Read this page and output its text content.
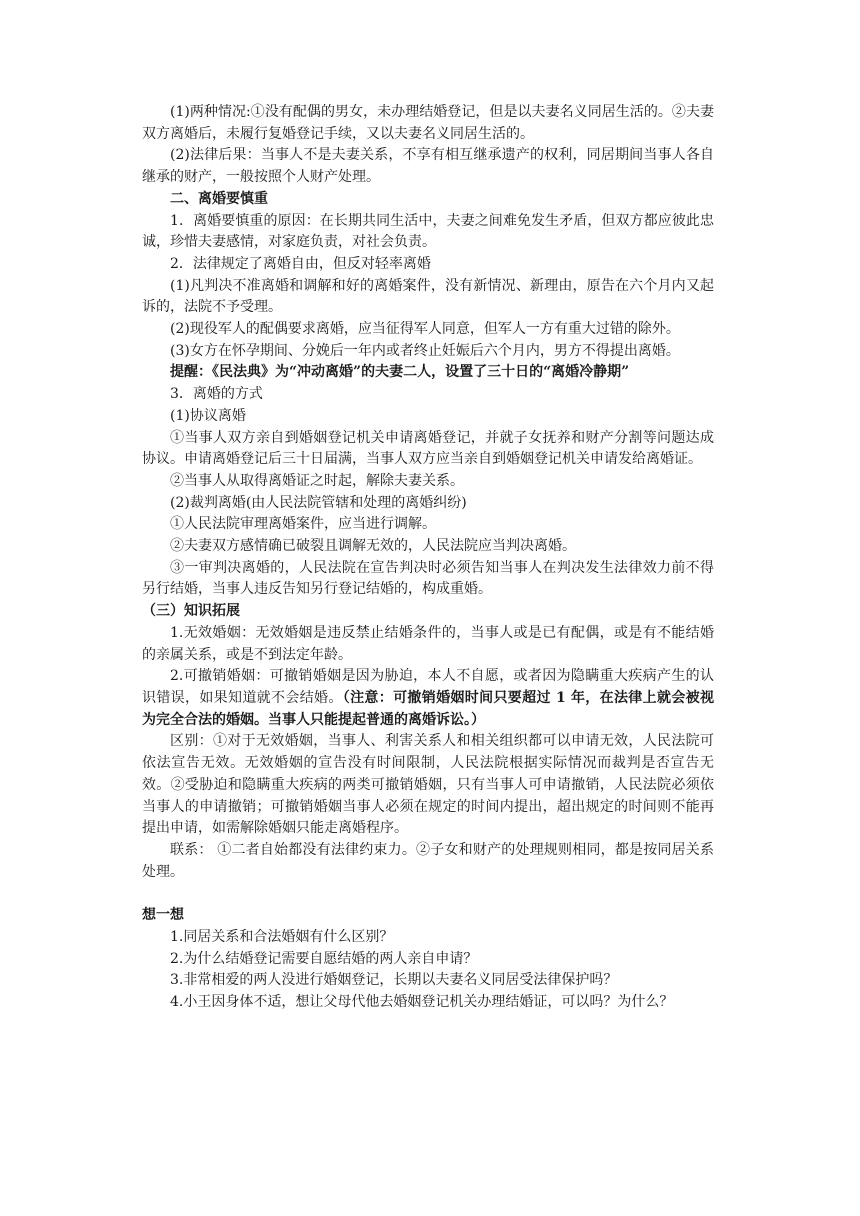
(1)两种情况:①没有配偶的男女，未办理结婚登记，但是以夫妻名义同居生活的。②夫妻双方离婚后，未履行复婚登记手续，又以夫妻名义同居生活的。

(2)法律后果：当事人不是夫妻关系，不享有相互继承遗产的权利，同居期间当事人各自继承的财产，一般按照个人财产处理。

二、离婚要慎重

1．离婚要慎重的原因：在长期共同生活中，夫妻之间难免发生矛盾，但双方都应彼此忠诚，珍惜夫妻感情，对家庭负责，对社会负责。

2．法律规定了离婚自由，但反对轻率离婚

(1)凡判决不准离婚和调解和好的离婚案件，没有新情况、新理由，原告在六个月内又起诉的，法院不予受理。

(2)现役军人的配偶要求离婚，应当征得军人同意，但军人一方有重大过错的除外。

(3)女方在怀孕期间、分娩后一年内或者终止妊娠后六个月内，男方不得提出离婚。

提醒：《民法典》为“冲动离婚”的夫妻二人，设置了三十日的“离婚冷静期”

3．离婚的方式

(1)协议离婚

①当事人双方亲自到婚姻登记机关申请离婚登记，并就子女抚养和财产分割等问题达成协议。申请离婚登记后三十日届满，当事人双方应当亲自到婚姻登记机关申请发给离婚证。

②当事人从取得离婚证之时起，解除夫妻关系。

(2)裁判离婚(由人民法院管辖和处理的离婚纠纷)

①人民法院审理离婚案件，应当进行调解。

②夫妻双方感情确已破裂且调解无效的，人民法院应当判决离婚。

③一审判决离婚的，人民法院在宣告判决时必须告知当事人在判决发生法律效力前不得另行结婚，当事人违反告知另行登记结婚的，构成重婚。

（三）知识拓展

1.无效婚姻：无效婚姻是违反禁止结婚条件的，当事人或是已有配偶，或是有不能结婚的亲属关系，或是不到法定年龄。

2.可撤销婚姻：可撤销婚姻是因为胁迫，本人不自愿，或者因为隐瞒重大疾病产生的认识错误，如果知道就不会结婚。（注意：可撤销婚姻时间只要超过 1 年，在法律上就会被视为完全合法的婚姻。当事人只能提起普通的离婚诉讼。）

区别：①对于无效婚姻，当事人、利害关系人和相关组织都可以申请无效，人民法院可依法宣告无效。无效婚姻的宣告没有时间限制，人民法院根据实际情况而裁判是否宣告无效。②受胁迫和隐瞒重大疾病的两类可撤销婚姻，只有当事人可申请撤销，人民法院必须依当事人的申请撤销；可撤销婚姻当事人必须在规定的时间内提出，超出规定的时间则不能再提出申请，如需解除婚姻只能走离婚程序。

联系： ①二者自始都没有法律约束力。②子女和财产的处理规则相同，都是按同居关系处理。

想一想

1.同居关系和合法婚姻有什么区别？

2.为什么结婚登记需要自愿结婚的两人亲自申请？

3.非常相爱的两人没进行婚姻登记，长期以夫妻名义同居受法律保护吗？

4.小王因身体不适，想让父母代他去婚姻登记机关办理结婚证，可以吗？为什么？
